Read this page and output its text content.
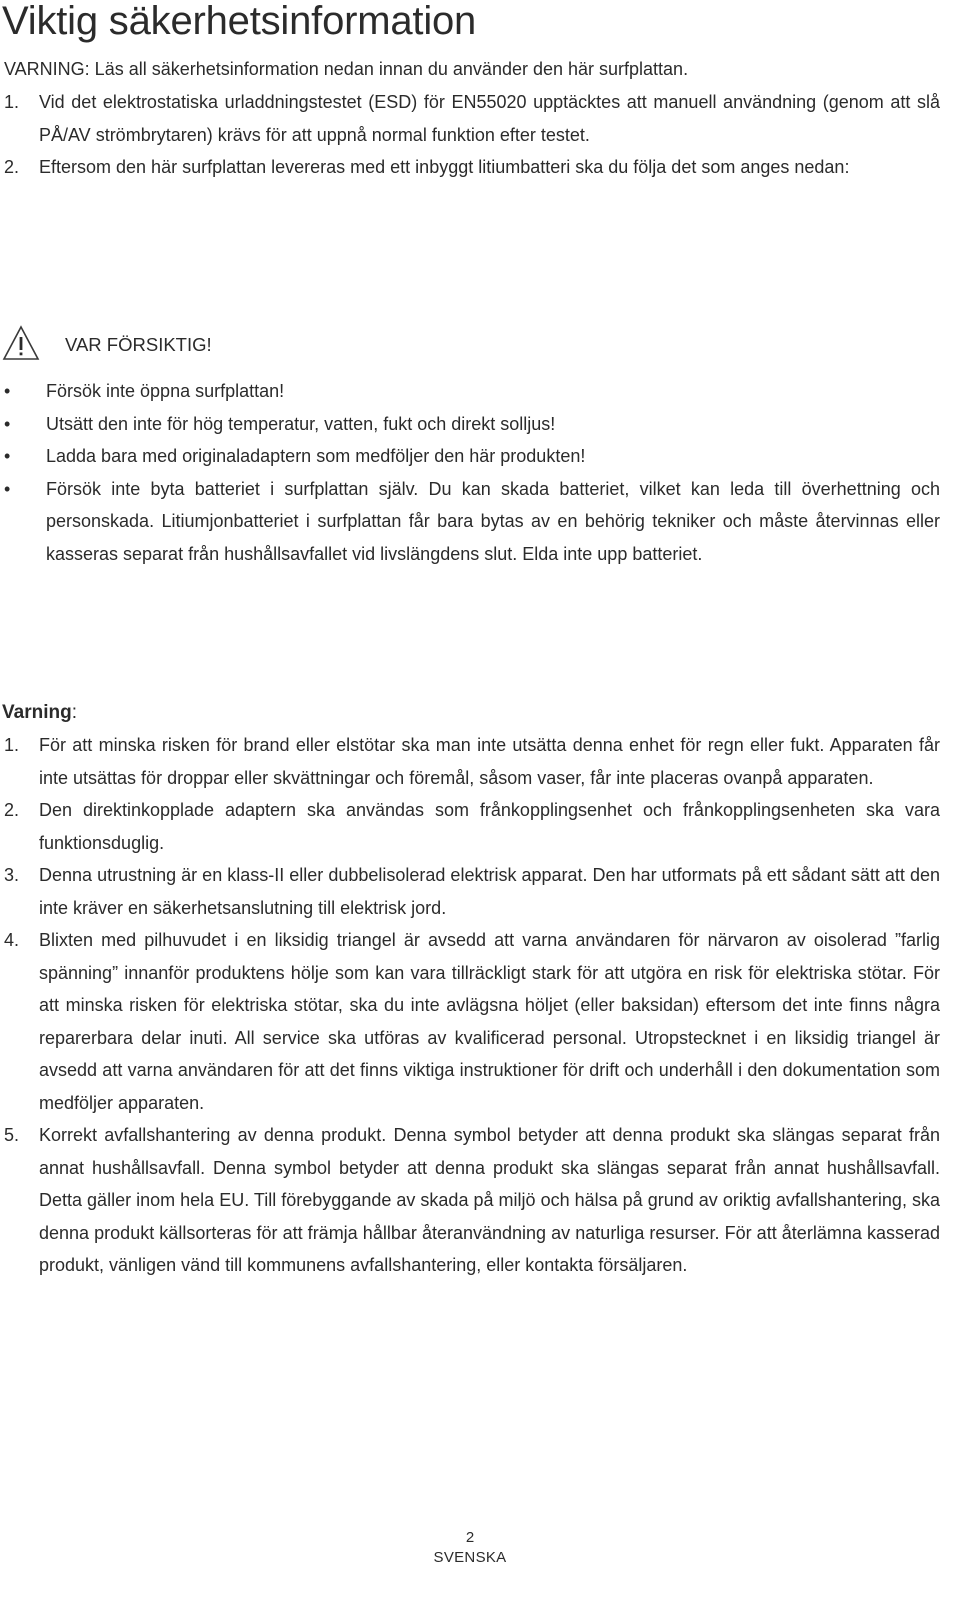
Viktig säkerhetsinformation
VARNING: Läs all säkerhetsinformation nedan innan du använder den här surfplattan.
1. Vid det elektrostatiska urladdningstestet (ESD) för EN55020 upptäcktes att manuell användning (genom att slå PÅ/AV strömbrytaren) krävs för att uppnå normal funktion efter testet.
2. Eftersom den här surfplattan levereras med ett inbyggt litiumbatteri ska du följa det som anges nedan:
VAR FÖRSIKTIG!
• Försök inte öppna surfplattan!
• Utsätt den inte för hög temperatur, vatten, fukt och direkt solljus!
• Ladda bara med originaladaptern som medföljer den här produkten!
• Försök inte byta batteriet i surfplattan själv. Du kan skada batteriet, vilket kan leda till överhettning och personskada. Litiumjonbatteriet i surfplattan får bara bytas av en behörig tekniker och måste återvinnas eller kasseras separat från hushållsavfallet vid livslängdens slut. Elda inte upp batteriet.
Varning:
1. För att minska risken för brand eller elstötar ska man inte utsätta denna enhet för regn eller fukt. Apparaten får inte utsättas för droppar eller skvättningar och föremål, såsom vaser, får inte placeras ovanpå apparaten.
2. Den direktinkopplade adaptern ska användas som frånkopplingsenhet och frånkopplingsenheten ska vara funktionsduglig.
3. Denna utrustning är en klass-II eller dubbelisolerad elektrisk apparat. Den har utformats på ett sådant sätt att den inte kräver en säkerhetsanslutning till elektrisk jord.
4. Blixten med pilhuvudet i en liksidig triangel är avsedd att varna användaren för närvaron av oisolerad ”farlig spänning” innanför produktens hölje som kan vara tillräckligt stark för att utgöra en risk för elektriska stötar. För att minska risken för elektriska stötar, ska du inte avlägsna höljet (eller baksidan) eftersom det inte finns några reparerbara delar inuti. All service ska utföras av kvalificerad personal. Utropstecknet i en liksidig triangel är avsedd att varna användaren för att det finns viktiga instruktioner för drift och underhåll i den dokumentation som medföljer apparaten.
5. Korrekt avfallshantering av denna produkt. Denna symbol betyder att denna produkt ska slängas separat från annat hushållsavfall. Denna symbol betyder att denna produkt ska slängas separat från annat hushållsavfall. Detta gäller inom hela EU. Till förebyggande av skada på miljö och hälsa på grund av oriktig avfallshantering, ska denna produkt källsorteras för att främja hållbar återanvändning av naturliga resurser. För att återlämna kasserad produkt, vänligen vänd till kommunens avfallshantering, eller kontakta försäljaren.
2
SVENSKA
